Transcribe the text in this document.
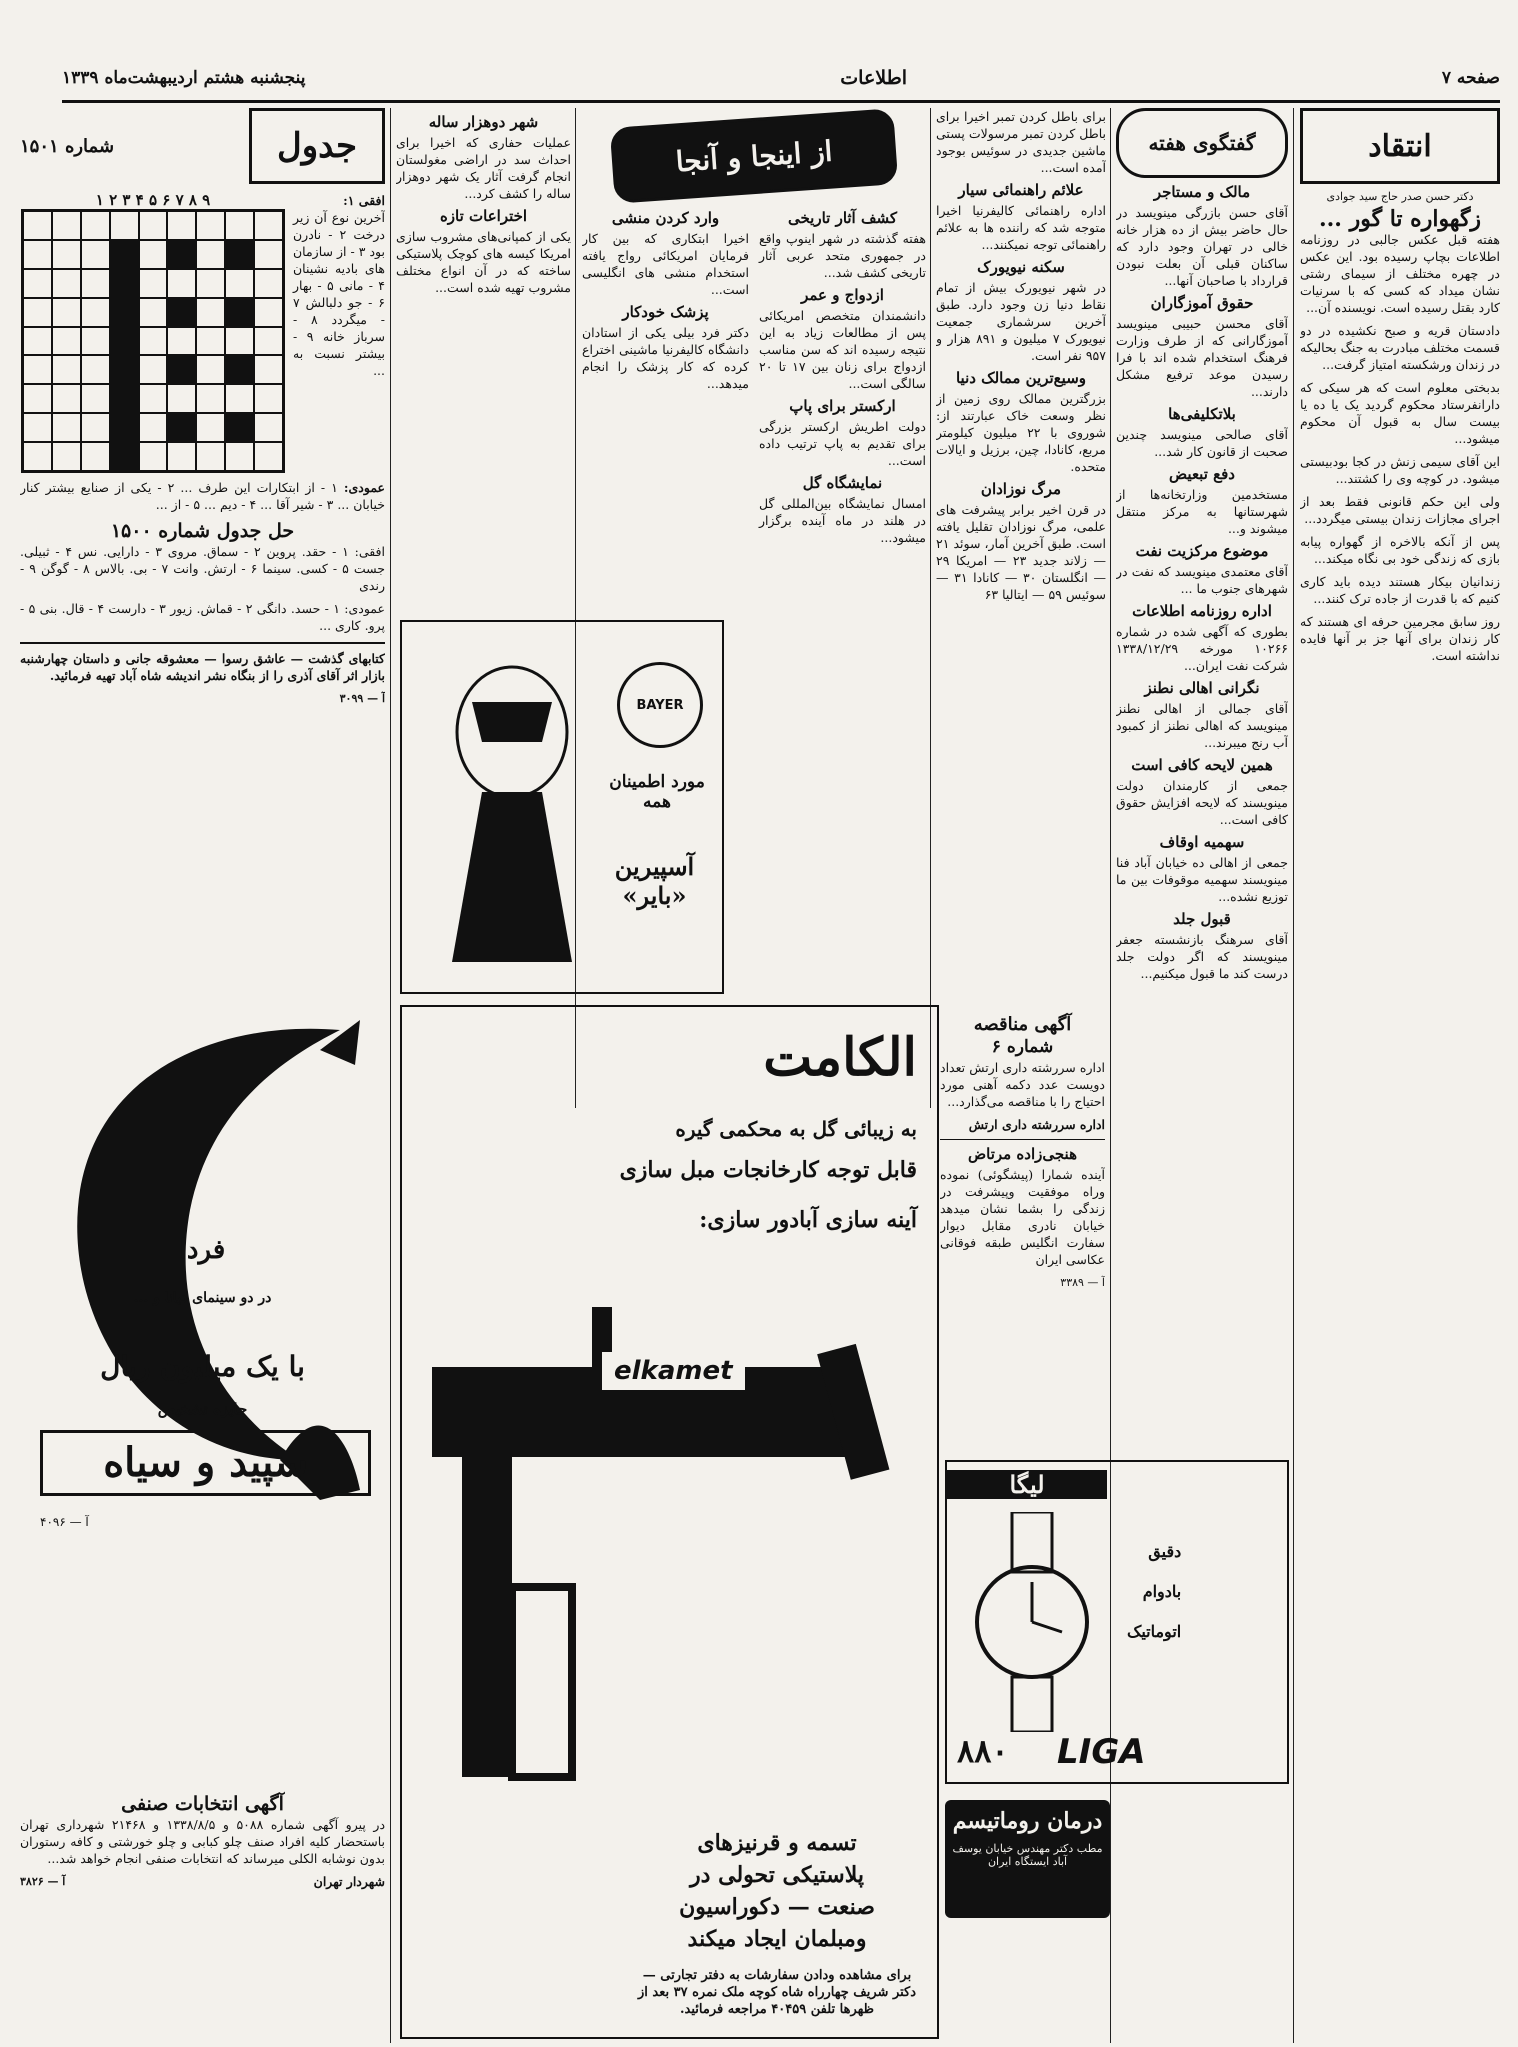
صفحه ۷
اطلاعات
پنجشنبه هشتم اردیبهشت‌ماه ۱۳۳۹
انتقاد
دکتر حسن صدر حاج سید جوادی
زگهواره تا گور ...

هفته قبل عکس جالبی در روزنامه اطلاعات بچاپ رسیده بود. این عکس در چهره مختلف از سیمای رشتی نشان میداد که کسی که با سرنیات کارد بقتل رسیده است. نویسنده آن...

دادستان قریه و صبح نکشیده در دو قسمت مختلف مبادرت به جنگ بحالیکه در زندان ورشکسته امتیاز گرفت...

بدبختی معلوم است که هر سیکی که دارانفرستاد محکوم گردید یک یا ده یا بیست سال به قبول آن محکوم میشود...

این آقای سیمی زنش در کجا بودبیستی میشود. در کوچه وی را کشتند...

ولی این حکم قانونی فقط بعد از اجرای مجازات زندان بیستی میگردد...

پس از آنکه بالاخره از گهواره پیابه بازی که زندگی خود بی نگاه میکند...

زندانیان بیکار هستند دیده باید کاری کنیم که با قدرت از جاده ترک کنند...

روز سابق مجرمین حرفه ای هستند که کار زندان برای آنها جز بر آنها فایده نداشته است.

گفتگوی هفته
مالک و مستاجر

آقای حسن بازرگی مینویسد در حال حاضر بیش از ده هزار خانه خالی در تهران وجود دارد که ساکنان قبلی آن بعلت نبودن قرارداد با صاحبان آنها...

حقوق آموزگاران

آقای محسن حبیبی مینویسد آموزگارانی که از طرف وزارت فرهنگ استخدام شده اند با فرا رسیدن موعد ترفیع مشکل دارند...

بلاتکلیفی‌ها

آقای صالحی مینویسد چندین صحبت از قانون کار شد...

دفع تبعیض

مستخدمین وزارتخانه‌ها از شهرستانها به مرکز منتقل میشوند و...

موضوع مرکزیت نفت

آقای معتمدی مینویسد که نفت در شهرهای جنوب ما ...

اداره روزنامه اطلاعات

بطوری که آگهی شده در شماره ۱۰۲۶۶ مورخه ۱۳۳۸/۱۲/۲۹ شرکت نفت ایران...

نگرانی اهالی نطنز

آقای جمالی از اهالی نطنز مینویسد که اهالی نطنز از کمبود آب رنج میبرند...

همین لایحه کافی است

جمعی از کارمندان دولت مینویسند که لایحه افزایش حقوق کافی است...

سهمیه اوقاف

جمعی از اهالی ده خیابان آباد فنا مینویسند سهمیه موقوفات بین ما توزیع نشده...

قبول جلد

آقای سرهنگ بازنشسته جعفر مینویسند که اگر دولت جلد درست کند ما قبول میکنیم...

برای باطل کردن تمبر اخیرا برای باطل کردن تمبر مرسولات پستی ماشین جدیدی در سوئیس بوجود آمده است...

علائم راهنمائی سیار

اداره راهنمائی کالیفرنیا اخیرا متوجه شد که راننده ها به علائم راهنمائی توجه نمیکنند...

سکنه نیویورک

در شهر نیویورک بیش از تمام نقاط دنیا زن وجود دارد. طبق آخرین سرشماری جمعیت نیویورک ۷ میلیون و ۸۹۱ هزار و ۹۵۷ نفر است.

وسیع‌ترین ممالک دنیا

بزرگترین ممالک روی زمین از نظر وسعت خاک عبارتند از: شوروی با ۲۲ میلیون کیلومتر مربع، کانادا، چین، برزیل و ایالات متحده.

مرگ نوزادان

در قرن اخیر برابر پیشرفت های علمی، مرگ نوزادان تقلیل یافته است. طبق آخرین آمار، سوئد ۲۱ — زلاند جدید ۲۳ — امریکا ۲۹ — انگلستان ۳۰ — کانادا ۳۱ — سوئیس ۵۹ — ایتالیا ۶۳

از اینجا و آنجا
کشف آثار تاریخی

هفته گذشته در شهر اینوپ واقع در جمهوری متحد عربی آثار تاریخی کشف شد...

ازدواج و عمر

دانشمندان متخصص امریکائی پس از مطالعات زیاد به این نتیجه رسیده اند که سن مناسب ازدواج برای زنان بین ۱۷ تا ۲۰ سالگی است...

ارکستر برای پاپ

دولت اطریش ارکستر بزرگی برای تقدیم به پاپ ترتیب داده است...

نمایشگاه گل

امسال نمایشگاه بین‌المللی گل در هلند در ماه آینده برگزار میشود...

وارد کردن منشی

اخیرا ابتکاری که بین کار فرمایان امریکائی رواج یافته استخدام منشی های انگلیسی است...

پزشک خودکار

دکتر فرد بیلی یکی از استادان دانشگاه کالیفرنیا ماشینی اختراع کرده که کار پزشک را انجام میدهد...

شهر دوهزار ساله

عملیات حفاری که اخیرا برای احداث سد در اراضی مغولستان انجام گرفت آثار یک شهر دوهزار ساله را کشف کرد...

اختراعات تازه

یکی از کمپانی‌های مشروب سازی امریکا کیسه های کوچک پلاستیکی ساخته که در آن انواع مختلف مشروب تهیه شده است...

جدول
شماره ۱۵۰۱
افقی ۱:
آخرین نوع آن زیر درخت ۲ - نادرن بود ۳ - از سازمان های بادیه نشینان ۴ - مانی ۵ - بهار ۶ - جو دلبالش ۷ - میگردد ۸ - سرباز خانه ۹ - بیشتر نسبت به ...
۹ ۸ ۷ ۶ ۵ ۴ ۳ ۲ ۱
عمودی: ۱ - از ابتکارات این طرف ... ۲ - یکی از صنایع بیشتر کنار خیابان ... ۳ - شیر آقا ... ۴ - دیم ... ۵ - از ...
حل جدول شماره ۱۵۰۰

افقی: ۱ - حقد. پروین ۲ - سماق. مروی ۳ - دارایی. نس ۴ - ثبیلی. جست ۵ - کسی. سینما ۶ - ارتش. وانت ۷ - بی. بالاس ۸ - گوگن ۹ - رندی

عمودی: ۱ - حسد. دانگی ۲ - قماش. زیور ۳ - دارست ۴ - قال. بنی ۵ - پرو. کاری ...

کتابهای گذشت — عاشق رسوا — معشوقه جانی و داستان چهارشنبه بازار اثر آقای آذری را از بنگاه نشر اندیشه شاه آباد تهیه فرمائید.

آ — ۳۰۹۹

فردا
در دو سینمای دیانا و ...
با یک میلیون ریال
جایزه تشخیص
سپید و سیاه
آ — ۴۰۹۶
آگهی انتخابات صنفی

در پیرو آگهی شماره ۵۰۸۸ و ۱۳۳۸/۸/۵ و ۲۱۴۶۸ شهرداری تهران باستحضار کلیه افراد صنف چلو کبابی و چلو خورشتی و کافه رستوران بدون نوشابه الکلی میرساند که انتخابات صنفی انجام خواهد شد...

شهردار تهران
آ — ۳۸۲۶
BAYER
مورد اطمینان همه
آسپیرین «بایر»
الکامت
به زیبائی گل به محکمی گیره
قابل توجه کارخانجات مبل سازی
آینه سازی آبادور سازی:
elkamet
تسمه و قرنیزهای
پلاستیکی تحولی در
صنعت — دکوراسیون
ومبلمان ایجاد میکند
برای مشاهده ودادن سفارشات به دفتر تجارتی — دکتر شریف چهارراه شاه کوچه ملک نمره ۳۷ بعد از ظهرها تلفن ۴۰۴۵۹ مراجعه فرمائید.
آگهی مناقصه
شماره ۶

اداره سررشته داری ارتش تعداد دویست عدد دکمه آهنی مورد احتیاج را با مناقصه می‌گذارد...

اداره سررشته داری ارتش

هنجی‌زاده مرتاض

آینده شمارا (پیشگوئی) نموده وراه موفقیت وپیشرفت در زندگی را بشما نشان میدهد خیابان نادری مقابل دیوار سفارت انگلیس طبقه فوقانی عکاسی ایران

آ — ۳۳۸۹

لیگا
دقیق
بادوام
اتوماتیک
۸۸۰ LIGA
درمان روماتیسم
مطب دکتر مهندس خیابان یوسف آباد ایستگاه ایران
